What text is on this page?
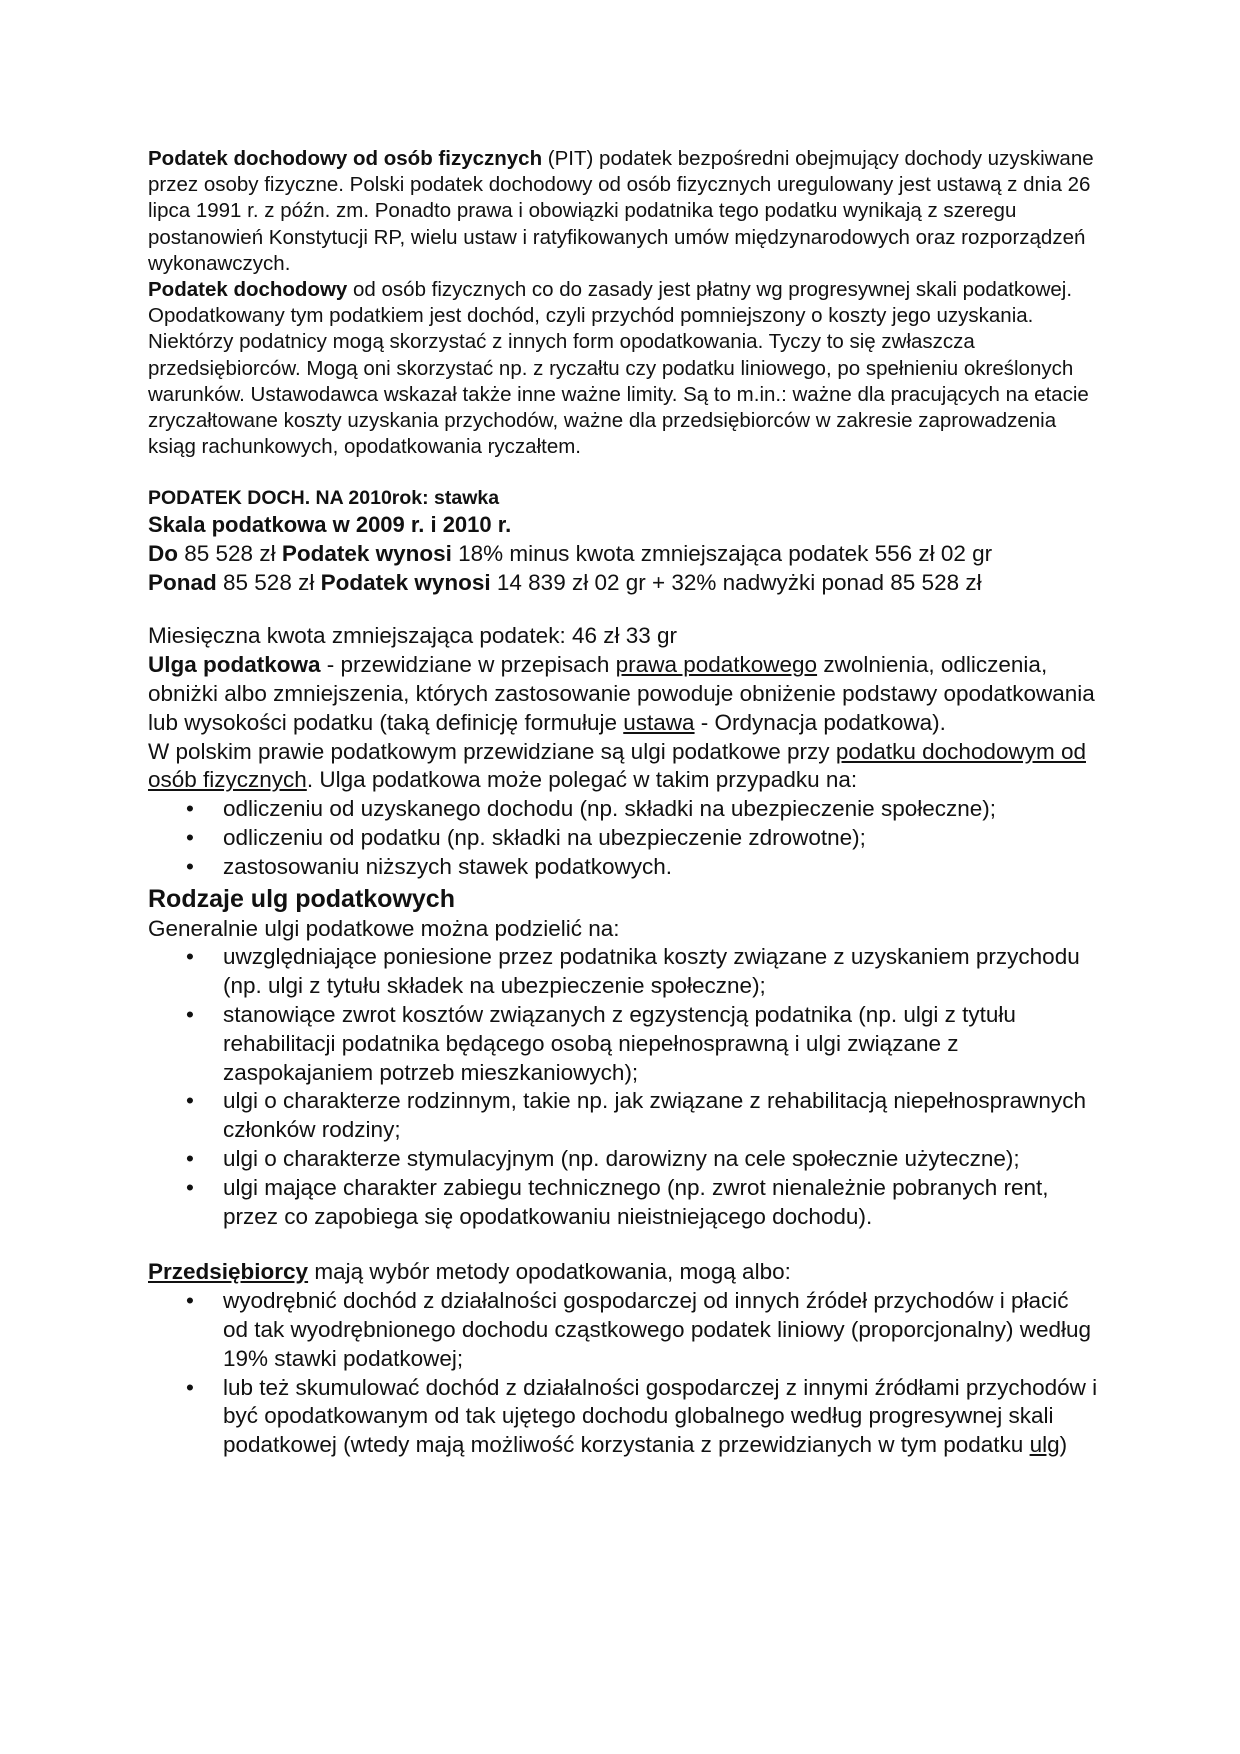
Podatek dochodowy od osób fizycznych (PIT) podatek bezpośredni obejmujący dochody uzyskiwane przez osoby fizyczne. Polski podatek dochodowy od osób fizycznych uregulowany jest ustawą z dnia 26 lipca 1991 r. z późn. zm. Ponadto prawa i obowiązki podatnika tego podatku wynikają z szeregu postanowień Konstytucji RP, wielu ustaw i ratyfikowanych umów międzynarodowych oraz rozporządzeń wykonawczych.

Podatek dochodowy od osób fizycznych co do zasady jest płatny wg progresywnej skali podatkowej. Opodatkowany tym podatkiem jest dochód, czyli przychód pomniejszony o koszty jego uzyskania. Niektórzy podatnicy mogą skorzystać z innych form opodatkowania. Tyczy to się zwłaszcza przedsiębiorców. Mogą oni skorzystać np. z ryczałtu czy podatku liniowego, po spełnieniu określonych warunków. Ustawodawca wskazał także inne ważne limity. Są to m.in.: ważne dla pracujących na etacie zryczałtowane koszty uzyskania przychodów, ważne dla przedsiębiorców w zakresie zaprowadzenia ksiąg rachunkowych, opodatkowania ryczałtem.

PODATEK DOCH. NA 2010rok: stawka

Skala podatkowa w 2009 r. i 2010 r.

Do 85 528 zł Podatek wynosi 18% minus kwota zmniejszająca podatek 556 zł 02 gr

Ponad 85 528 zł Podatek wynosi 14 839 zł 02 gr + 32% nadwyżki ponad 85 528 zł

Miesięczna kwota zmniejszająca podatek: 46 zł 33 gr

Ulga podatkowa - przewidziane w przepisach prawa podatkowego zwolnienia, odliczenia, obniżki albo zmniejszenia, których zastosowanie powoduje obniżenie podstawy opodatkowania lub wysokości podatku (taką definicję formułuje ustawa - Ordynacja podatkowa).

W polskim prawie podatkowym przewidziane są ulgi podatkowe przy podatku dochodowym od osób fizycznych. Ulga podatkowa może polegać w takim przypadku na:

• odliczeniu od uzyskanego dochodu (np. składki na ubezpieczenie społeczne);
• odliczeniu od podatku (np. składki na ubezpieczenie zdrowotne);
• zastosowaniu niższych stawek podatkowych.

Rodzaje ulg podatkowych

Generalnie ulgi podatkowe można podzielić na:

• uwzględniające poniesione przez podatnika koszty związane z uzyskaniem przychodu (np. ulgi z tytułu składek na ubezpieczenie społeczne);
• stanowiące zwrot kosztów związanych z egzystencją podatnika (np. ulgi z tytułu rehabilitacji podatnika będącego osobą niepełnosprawną i ulgi związane z zaspokajaniem potrzeb mieszkaniowych);
• ulgi o charakterze rodzinnym, takie np. jak związane z rehabilitacją niepełnosprawnych członków rodziny;
• ulgi o charakterze stymulacyjnym (np. darowizny na cele społecznie użyteczne);
• ulgi mające charakter zabiegu technicznego (np. zwrot nienależnie pobranych rent, przez co zapobiega się opodatkowaniu nieistniejącego dochodu).

Przedsiębiorcy mają wybór metody opodatkowania, mogą albo:

• wyodrębnić dochód z działalności gospodarczej od innych źródeł przychodów i płacić od tak wyodrębnionego dochodu cząstkowego podatek liniowy (proporcjonalny) według 19% stawki podatkowej;
• lub też skumulować dochód z działalności gospodarczej z innymi źródłami przychodów i być opodatkowanym od tak ujętego dochodu globalnego według progresywnej skali podatkowej (wtedy mają możliwość korzystania z przewidzianych w tym podatku ulg)
